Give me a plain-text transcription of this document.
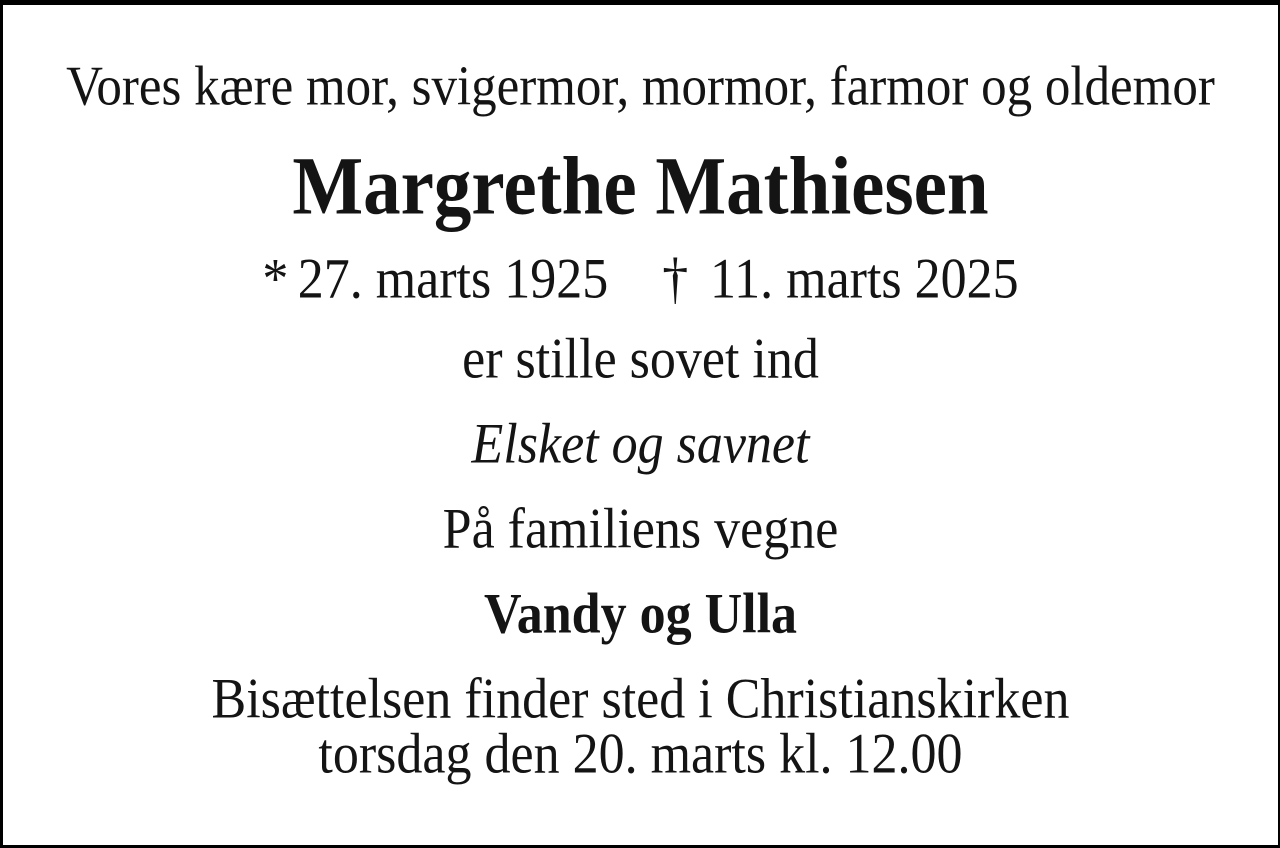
Vores kære mor, svigermor, mormor, farmor og oldemor
Margrethe Mathiesen
* 27. marts 1925 † 11. marts 2025
er stille sovet ind
Elsket og savnet
På familiens vegne
Vandy og Ulla
Bisættelsen finder sted i Christianskirken
torsdag den 20. marts kl. 12.00
